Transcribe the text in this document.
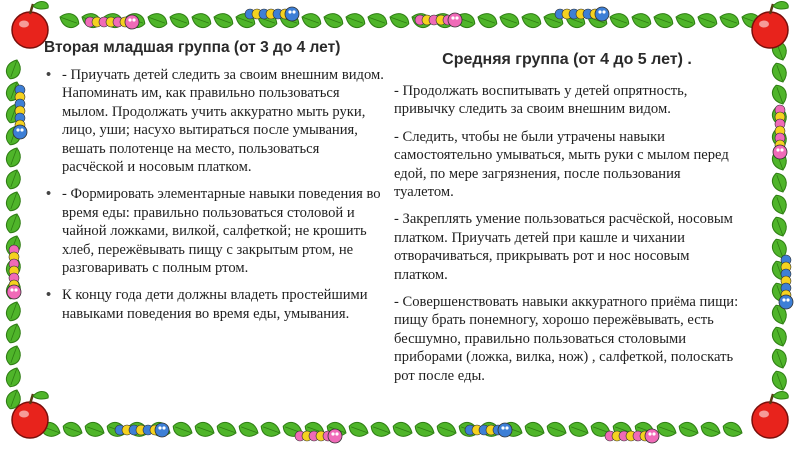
Вторая младшая группа (от 3 до 4 лет)
• - Приучать детей следить за своим внешним видом. Напоминать им, как правильно пользоваться мылом. Продолжать учить аккуратно мыть руки, лицо, уши; насухо вытираться после умывания, вешать полотенце на место, пользоваться расчёской и носовым платком.
• - Формировать элементарные навыки поведения во время еды: правильно пользоваться столовой и чайной ложками, вилкой, салфеткой; не крошить хлеб, пережёвывать пищу с закрытым ртом, не разговаривать с полным ртом.
• К концу года дети должны владеть простейшими навыками поведения во время еды, умывания.
Средняя группа (от 4 до 5 лет) .
- Продолжать воспитывать у детей опрятность, привычку следить за своим внешним видом.
- Следить, чтобы не были утрачены навыки самостоятельно умываться, мыть руки с мылом перед едой, по мере загрязнения, после пользования туалетом.
- Закреплять умение пользоваться расчёской, носовым платком. Приучать детей при кашле и чихании отворачиваться, прикрывать рот и нос носовым платком.
- Совершенствовать навыки аккуратного приёма пищи: пищу брать понемногу, хорошо пережёвывать, есть бесшумно, правильно пользоваться столовыми приборами (ложка, вилка, нож) , салфеткой, полоскать рот после еды.
